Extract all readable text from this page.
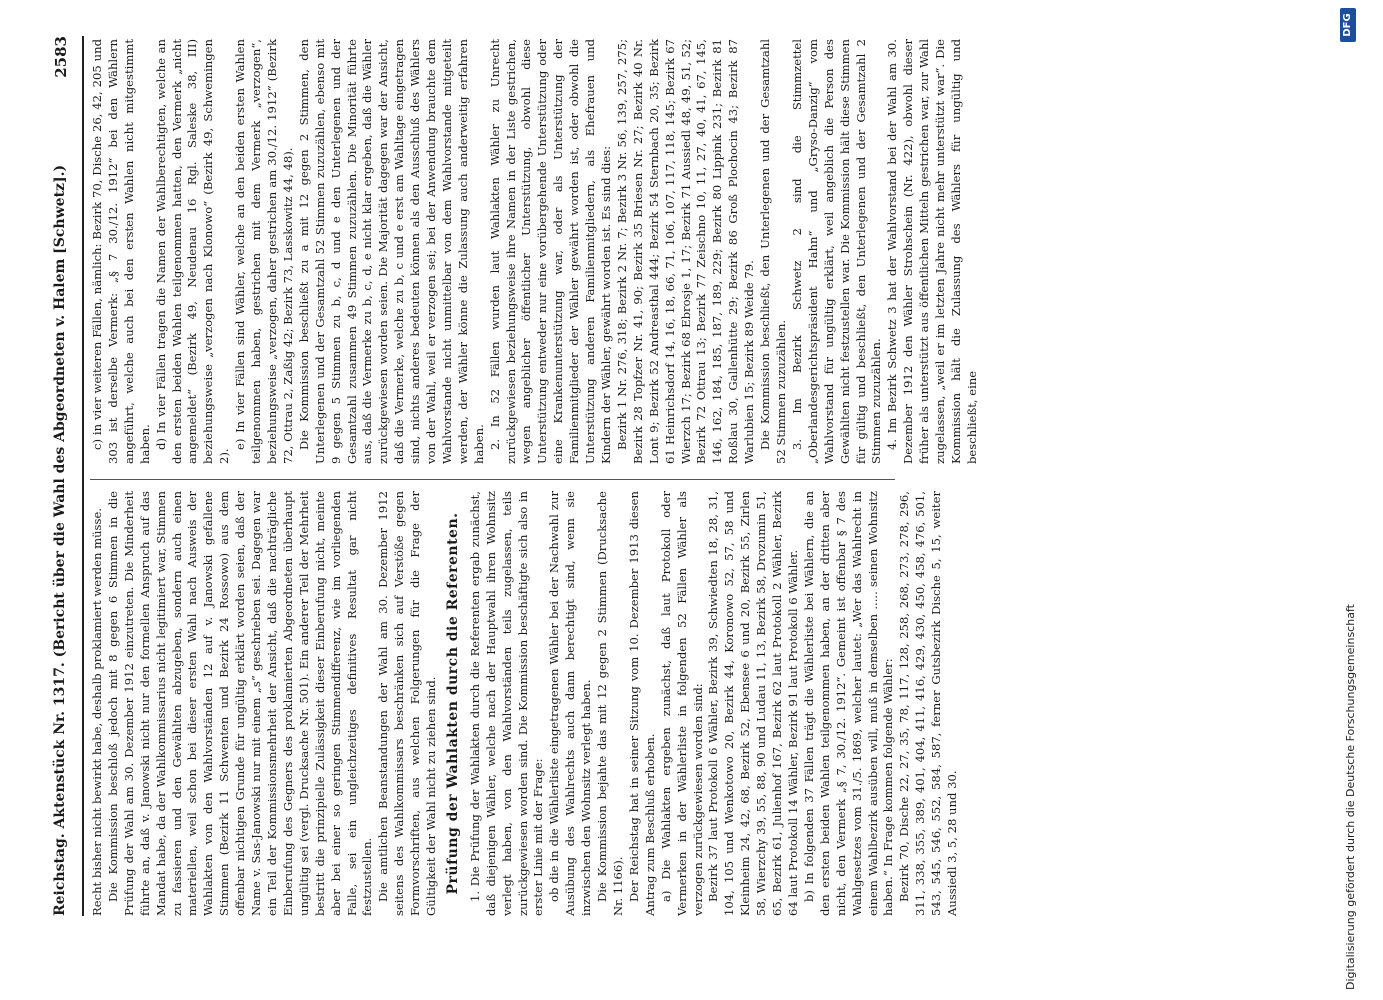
Reichstag. Aktenstück Nr. 1317. (Bericht über die Wahl des Abgeordneten v. Halem [Schwetz].)
2583

Recht bisher nicht bewirkt habe, deshalb proklamiert werden müsse. Die Kommission beschloß jedoch mit 8 gegen 6 Stimmen in die Prüfung der Wahl am 30. Dezember 1912 einzutreten. Die Minderheit führte an, daß v. Janowski nicht nur den formellen Anspruch auf das Mandat habe, da der Wahlkommissarius nicht legitimiert war, Stimmen zu fassieren und den Gewählten abzugeben, sondern auch einen materiellen, weil schon bei dieser ersten Wahl nach Ausweis der Wahlakten von den Wahlvorständen 12 auf v. Janowski gefallene Stimmen (Bezirk 11 Schwenten und Bezirk 24 Rossowo) aus dem offenbar nichtigen Grunde für ungültig erklärt worden seien, daß der Name v. Sas-Janowski nur mit einem „s“ geschrieben sei. Dagegen war ein Teil der Kommissionsmehrheit der Ansicht, daß die nachträgliche Einberufung des Gegners des proklamierten Abgeordneten überhaupt ungültig sei (vergl. Drucksache Nr. 501). Ein anderer Teil der Mehrheit bestritt die prinzipielle Zulässigkeit dieser Einberufung nicht, meinte aber bei einer so geringen Stimmendifferenz, wie im vorliegenden Falle, sei ein ungleichzeitiges definitives Resultat gar nicht festzustellen. Die amtlichen Beanstandungen der Wahl am 30. Dezember 1912 seitens des Wahlkommissars beschränken sich auf Verstöße gegen Formvorschriften, aus welchen Folgerungen für die Frage der Gültigkeit der Wahl nicht zu ziehen sind. Prüfung der Wahlakten durch die Referenten. 1. Die Prüfung der Wahlakten durch die Referenten ergab zunächst, daß diejenigen Wähler, welche nach der Hauptwahl ihren Wohnsitz verlegt haben, von den Wahlvorständen teils zugelassen, teils zurückgewiesen worden sind. Die Kommission beschäftigte sich also in erster Linie mit der Frage: ob die in die Wählerliste eingetragenen Wähler bei der Nachwahl zur Ausübung des Wahlrechts auch dann berechtigt sind, wenn sie inzwischen den Wohnsitz verlegt haben. Die Kommission bejahte das mit 12 gegen 2 Stimmen (Drucksache Nr. 1166). Der Reichstag hat in seiner Sitzung vom 10. Dezember 1913 diesen Antrag zum Beschluß erhoben. a) Die Wahlakten ergeben zunächst, daß laut Protokoll oder Vermerken in der Wählerliste in folgenden 52 Fällen Wähler als verzogen zurückgewiesen worden sind: Bezirk 37 laut Protokoll 6 Wähler, Bezirk 39, Schwiedten 18, 28, 31, 104, 105 und Wenkotowo 20, Bezirk 44, Koronowo 52, 57, 58 und Kleinheim 24, 42, 68, Bezirk 52, Ebensee 6 und 20, Bezirk 55, Zirlen 58, Wierzchy 39, 55, 88, 90 und Ludau 11, 13, Bezirk 58, Drozumin 51, 65, Bezirk 61, Julienhof 167, Bezirk 62 laut Protokoll 2 Wähler, Bezirk 64 laut Protokoll 14 Wähler, Bezirk 91 laut Protokoll 6 Wähler. b) In folgenden 37 Fällen trägt die Wählerliste bei Wählern, die an den ersten beiden Wahlen teilgenommen haben, an der dritten aber nicht, den Vermerk „§ 7, 30./12. 1912“. Gemeint ist offenbar § 7 des Wahlgesetzes vom 31./5. 1869, welcher lautet: „Wer das Wahlrecht in einem Wahlbezirk ausüben will, muß in demselben ..... seinen Wohnsitz haben.“ In Frage kommen folgende Wähler: Bezirk 70, Dische 22, 27, 35, 78, 117, 128, 258, 268, 273, 278, 296, 311, 338, 355, 389, 401, 404, 411, 416, 429, 430, 450, 458, 476, 501, 543, 545, 546, 552, 584, 587, ferner Gutsbezirk Dische 5, 15, weiter Aussiedl 3, 5, 28 und 30.

c) in vier weiteren Fällen, nämlich: Bezirk 70, Dische 26, 42, 205 und 303 ist derselbe Vermerk: „§ 7 30./12. 1912“ bei den Wählern angeführt, welche auch bei den ersten Wahlen nicht mitgestimmt haben. d) In vier Fällen tragen die Namen der Wahlberechtigten, welche an den ersten beiden Wahlen teilgenommen hatten, den Vermerk „nicht angemeldet“ (Bezirk 49, Neudenau 16 Rgl. Saleske 38, III) beziehungsweise „verzogen nach Klonowo“ (Bezirk 49, Schwemingen 2).

e) In vier Fällen sind Wähler, welche an den beiden ersten Wahlen teilgenommen haben, gestrichen mit dem Vermerk „verzogen“, beziehungsweise „verzogen, daher gestrichen am 30./12. 1912“ (Bezirk 72, Ottrau 2, Zaßig 42; Bezirk 73, Lasskowitz 44, 48). Die Kommission beschließt zu a mit 12 gegen 2 Stimmen, den Unterlegenen und der Gesamtzahl 52 Stimmen zuzuzählen, ebenso mit 9 gegen 5 Stimmen zu b, c, d und e den Unterlegenen und der Gesamtzahl zusammen 49 Stimmen zuzuzählen. Die Minorität führte aus, daß die Vermerke zu b, c, d, e nicht klar ergeben, daß die Wähler zurückgewiesen worden seien. Die Majorität dagegen war der Ansicht, daß die Vermerke, welche zu b, c und e erst am Wahltage eingetragen sind, nichts anderes bedeuten können als den Ausschluß des Wählers von der Wahl, weil er verzogen sei; bei der Anwendung brauchte dem Wahlvorstande nicht unmittelbar von dem Wahlvorstande mitgeteilt werden, der Wähler könne die Zulassung auch anderweitig erfahren haben. 2. In 52 Fällen wurden laut Wahlakten Wähler zu Unrecht zurückgewiesen beziehungsweise ihre Namen in der Liste gestrichen, wegen angeblicher öffentlicher Unterstützung, obwohl diese Unterstützung entweder nur eine vorübergehende Unterstützung oder eine Krankenunterstützung war, oder als Unterstützung der Familienmitglieder der Wähler gewährt worden ist, oder obwohl die Unterstützung anderen Familienmitgliedern, als Ehefrauen und Kindern der Wähler, gewährt worden ist. Es sind dies: Bezirk 1 Nr. 276, 318; Bezirk 2 Nr. 7; Bezirk 3 Nr. 56, 139, 257, 275; Bezirk 28 Topfzer Nr. 41, 90; Bezirk 35 Briesen Nr. 27; Bezirk 40 Nr. Lont 9; Bezirk 52 Andreasthal 444; Bezirk 54 Sternbach 20, 35; Bezirk 61 Heinrichsdorf 14, 16, 18, 66, 71, 106, 107, 117, 118, 145; Bezirk 67 Wierzch 17; Bezirk 68 Ebrosje 1, 17; Bezirk 71 Aussiedl 48, 49, 51, 52; Bezirk 72 Ottrau 13; Bezirk 77 Zeischno 10, 11, 27, 40, 41, 67, 145, 146, 162, 184, 185, 187, 189, 229; Bezirk 80 Lippink 231; Bezirk 81 Roßlau 30, Gallenhütte 29; Bezirk 86 Groß Plochocin 43; Bezirk 87 Warlubien 15; Bezirk 89 Weide 79. Die Kommission beschließt, den Unterlegenen und der Gesamtzahl 52 Stimmen zuzuzählen. 3. Im Bezirk Schwetz 2 sind die Stimmzettel „Oberlandesgerichtspräsident Hahn“ und „Gryso-Danzig“ vom Wahlvorstand für ungültig erklärt, weil angeblich die Person des Gewählten nicht festzustellen war. Die Kommission hält diese Stimmen für gültig und beschließt, den Unterlegenen und der Gesamtzahl 2 Stimmen zuzuzählen. 4. Im Bezirk Schwetz 3 hat der Wahlvorstand bei der Wahl am 30. Dezember 1912 den Wähler Strohschein (Nr. 422), obwohl dieser früher als unterstützt aus öffentlichen Mitteln gestrichen war, zur Wahl zugelassen, „weil er im letzten Jahre nicht mehr unterstützt war“. Die Kommission hält die Zulassung des Wählers für ungültig und beschließt, eine

Digitalisierung gefördert durch die Deutsche Forschungsgemeinschaft
DFG
